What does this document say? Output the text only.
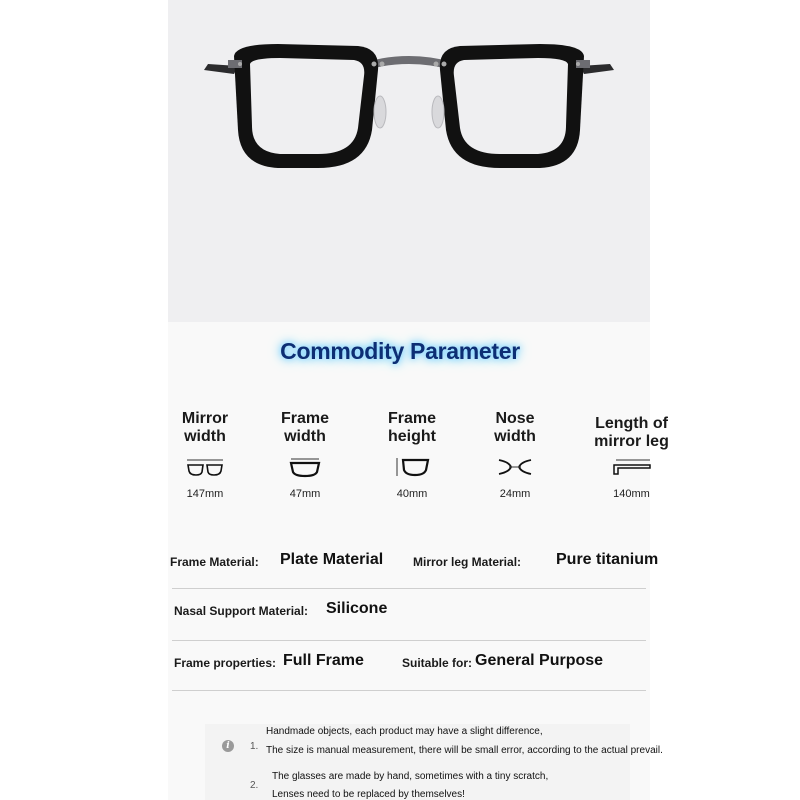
Commodity Parameter
Mirror
width
147mm
Frame
width
47mm
Frame
height
40mm
Nose
width
24mm
Length of
mirror leg
140mm
Frame Material: Plate Material Mirror leg Material: Pure titanium
Nasal Support Material: Silicone
Frame properties: Full Frame	Suitable for: General Purpose
i	1.
Handmade objects, each product may have a slight difference,
The size is manual measurement, there will be small error, according to the actual prevail.
2.
The glasses are made by hand, sometimes with a tiny scratch,
Lenses need to be replaced by themselves!
